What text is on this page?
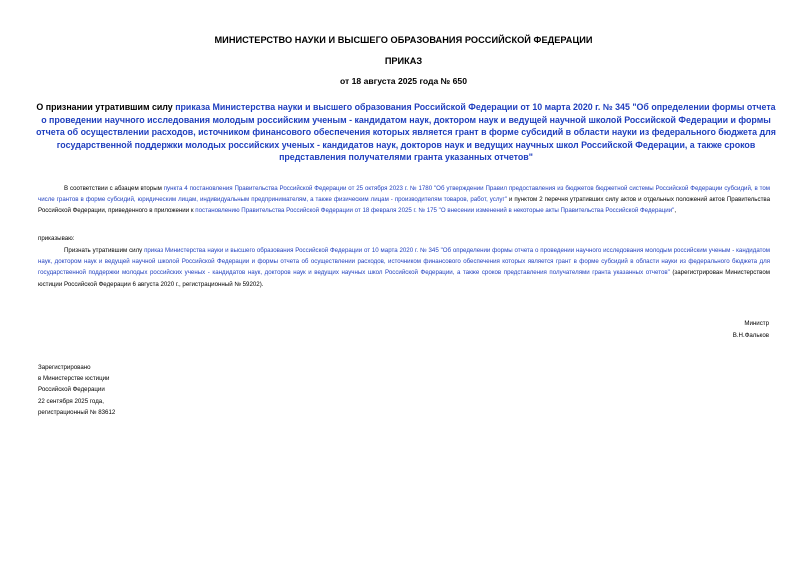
МИНИСТЕРСТВО НАУКИ И ВЫСШЕГО ОБРАЗОВАНИЯ РОССИЙСКОЙ ФЕДЕРАЦИИ
ПРИКАЗ
от 18 августа 2025 года № 650
О признании утратившим силу приказа Министерства науки и высшего образования Российской Федерации от 10 марта 2020 г. № 345 "Об определении формы отчета о проведении научного исследования молодым российским ученым - кандидатом наук, доктором наук и ведущей научной школой Российской Федерации и формы отчета об осуществлении расходов, источником финансового обеспечения которых является грант в форме субсидий в области науки из федерального бюджета для государственной поддержки молодых российских ученых - кандидатов наук, докторов наук и ведущих научных школ Российской Федерации, а также сроков представления получателями гранта указанных отчетов"
В соответствии с абзацем вторым пункта 4 постановления Правительства Российской Федерации от 25 октября 2023 г. № 1780 "Об утверждении Правил предоставления из бюджетов бюджетной системы Российской Федерации субсидий, в том числе грантов в форме субсидий, юридическим лицам, индивидуальным предпринимателям, а также физическим лицам - производителям товаров, работ, услуг" и пунктом 2 перечня утративших силу актов и отдельных положений актов Правительства Российской Федерации, приведенного в приложении к постановлению Правительства Российской Федерации от 18 февраля 2025 г. № 175 "О внесении изменений в некоторые акты Правительства Российской Федерации",
приказываю:
Признать утратившим силу приказ Министерства науки и высшего образования Российской Федерации от 10 марта 2020 г. № 345 "Об определении формы отчета о проведении научного исследования молодым российским ученым - кандидатом наук, доктором наук и ведущей научной школой Российской Федерации и формы отчета об осуществлении расходов, источником финансового обеспечения которых является грант в форме субсидий в области науки из федерального бюджета для государственной поддержки молодых российских ученых - кандидатов наук, докторов наук и ведущих научных школ Российской Федерации, а также сроков представления получателями гранта указанных отчетов" (зарегистрирован Министерством юстиции Российской Федерации 6 августа 2020 г., регистрационный № 59202).
Министр
В.Н.Фальков
Зарегистрировано
в Министерстве юстиции
Российской Федерации
22 сентября 2025 года,
регистрационный № 83612
